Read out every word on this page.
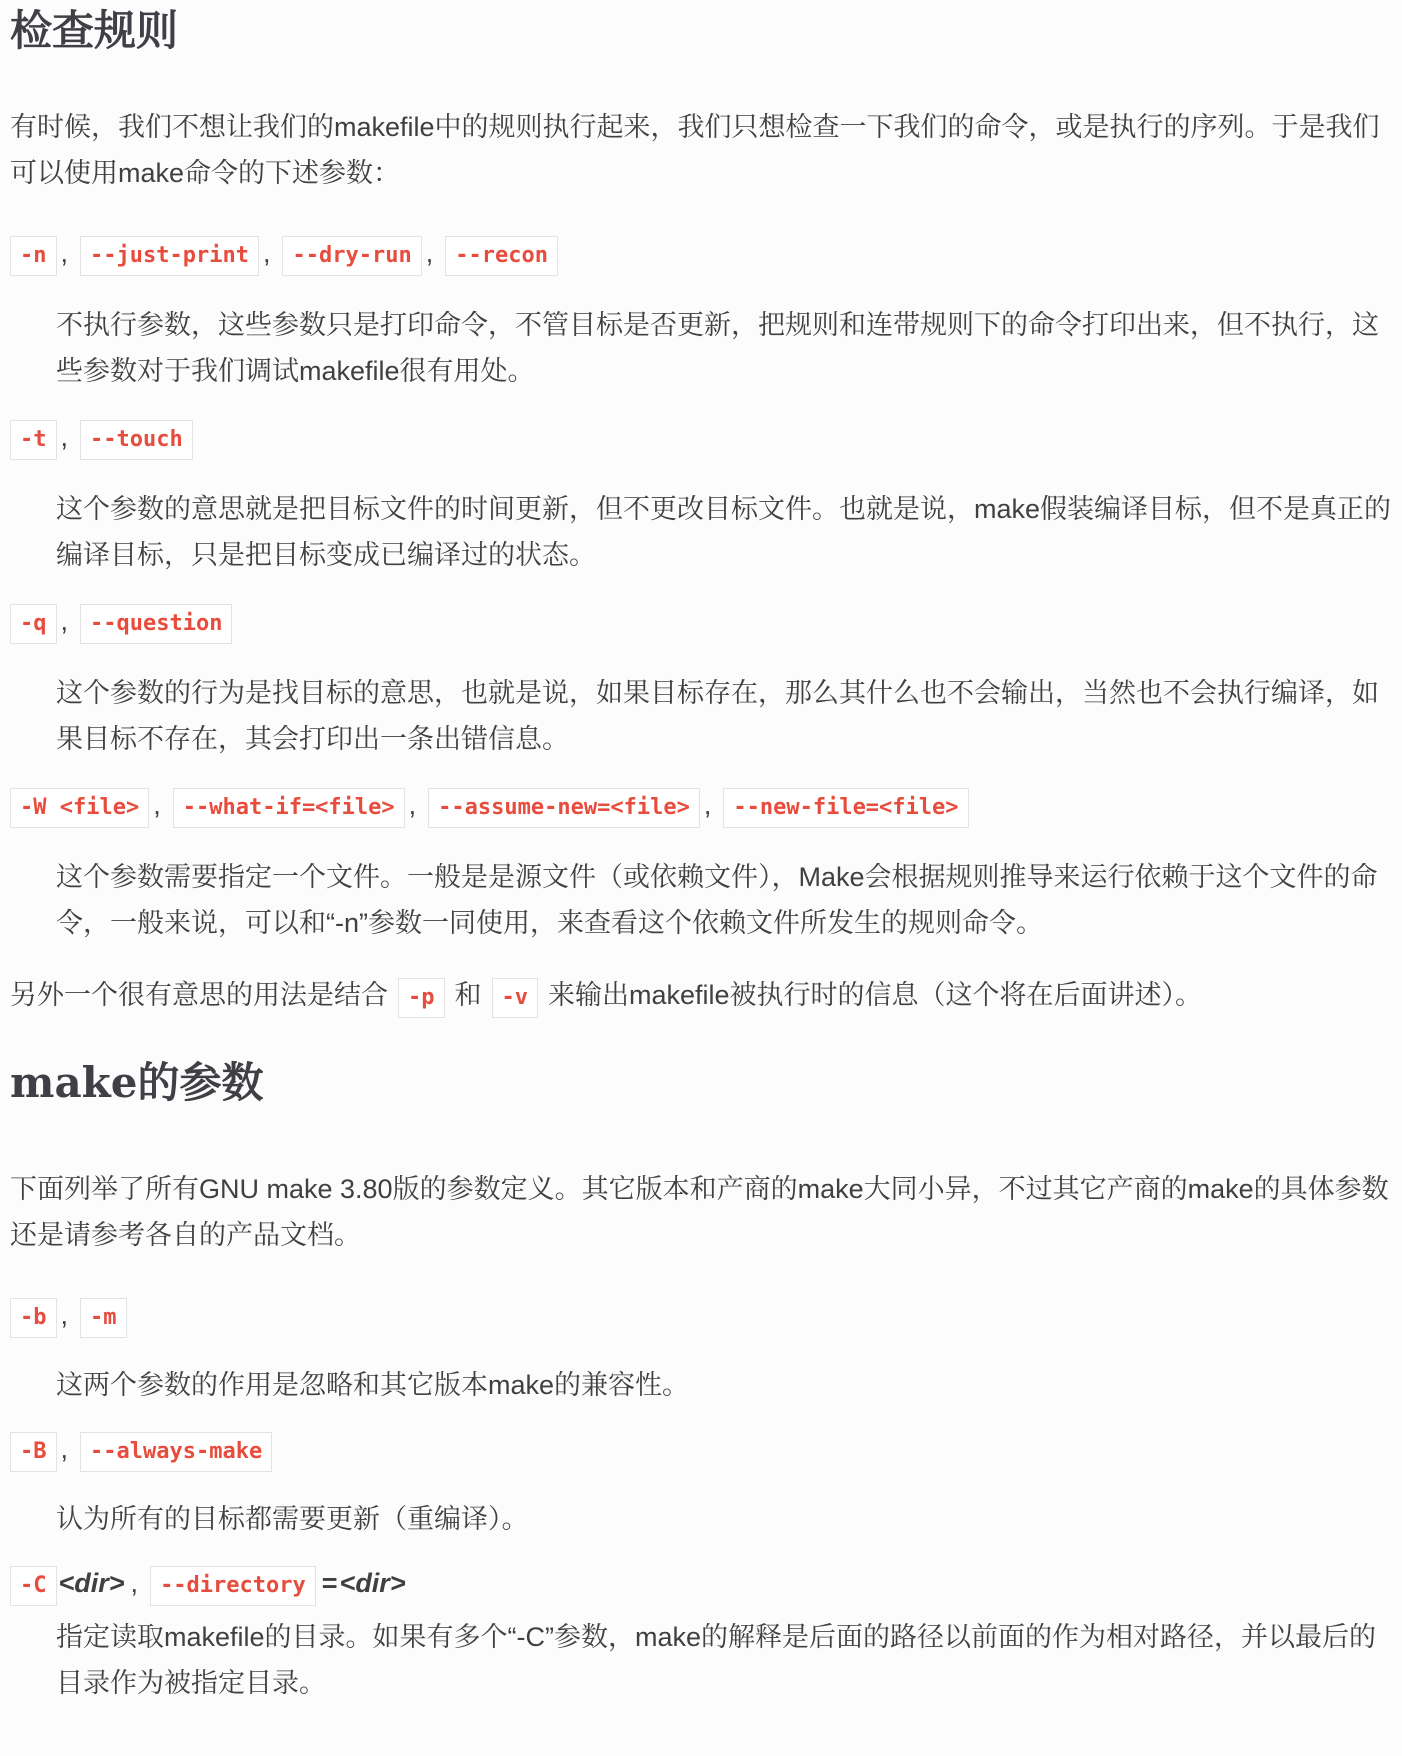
检查规则

有时候，我们不想让我们的makefile中的规则执行起来，我们只想检查一下我们的命令，或是执行的序列。于是我们可以使用make命令的下述参数：

-n , --just-print , --dry-run , --recon
不执行参数，这些参数只是打印命令，不管目标是否更新，把规则和连带规则下的命令打印出来，但不执行，这些参数对于我们调试makefile很有用处。
-t , --touch
这个参数的意思就是把目标文件的时间更新，但不更改目标文件。也就是说，make假装编译目标，但不是真正的编译目标，只是把目标变成已编译过的状态。
-q , --question
这个参数的行为是找目标的意思，也就是说，如果目标存在，那么其什么也不会输出，当然也不会执行编译，如果目标不存在，其会打印出一条出错信息。
-W <file> , --what-if=<file> , --assume-new=<file> , --new-file=<file>
这个参数需要指定一个文件。一般是是源文件（或依赖文件），Make会根据规则推导来运行依赖于这个文件的命令，一般来说，可以和“-n”参数一同使用，来查看这个依赖文件所发生的规则命令。

另外一个很有意思的用法是结合 -p 和 -v 来输出makefile被执行时的信息（这个将在后面讲述）。

make的参数

下面列举了所有GNU make 3.80版的参数定义。其它版本和产商的make大同小异，不过其它产商的make的具体参数还是请参考各自的产品文档。

-b , -m
这两个参数的作用是忽略和其它版本make的兼容性。
-B , --always-make
认为所有的目标都需要更新（重编译）。
-C <dir> , --directory =<dir>
指定读取makefile的目录。如果有多个“-C”参数，make的解释是后面的路径以前面的作为相对路径，并以最后的目录作为被指定目录。
